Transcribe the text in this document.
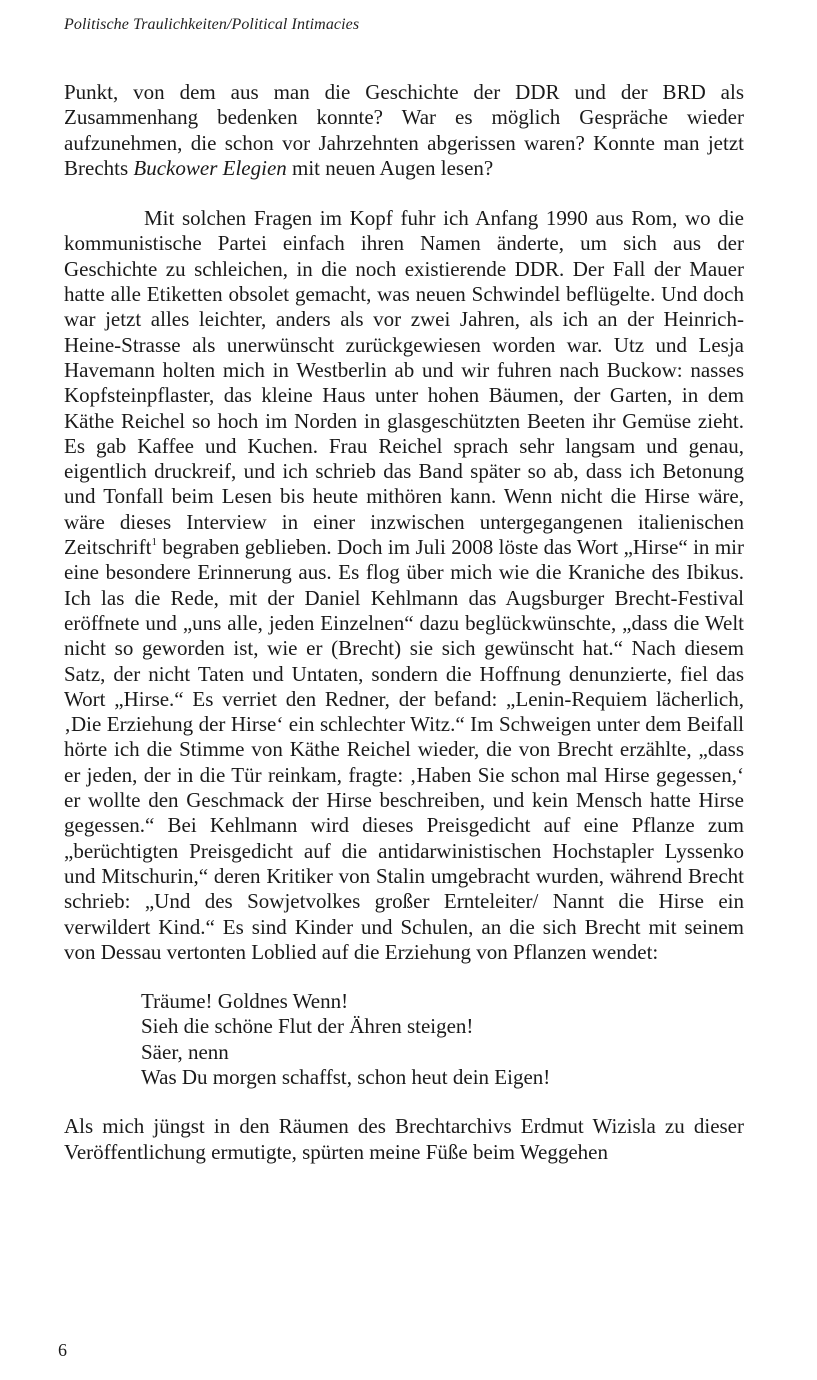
Politische Traulichkeiten/Political Intimacies

Punkt, von dem aus man die Geschichte der DDR und der BRD als Zusammenhang bedenken konnte? War es möglich Gespräche wieder aufzunehmen, die schon vor Jahrzehnten abgerissen waren? Konnte man jetzt Brechts Buckower Elegien mit neuen Augen lesen?

Mit solchen Fragen im Kopf fuhr ich Anfang 1990 aus Rom, wo die kommunistische Partei einfach ihren Namen änderte, um sich aus der Geschichte zu schleichen, in die noch existierende DDR. Der Fall der Mauer hatte alle Etiketten obsolet gemacht, was neuen Schwindel beflügelte. Und doch war jetzt alles leichter, anders als vor zwei Jahren, als ich an der Heinrich-Heine-Strasse als unerwünscht zurückgewiesen worden war. Utz und Lesja Havemann holten mich in Westberlin ab und wir fuhren nach Buckow: nasses Kopfsteinpflaster, das kleine Haus unter hohen Bäumen, der Garten, in dem Käthe Reichel so hoch im Norden in glasgeschützten Beeten ihr Gemüse zieht. Es gab Kaffee und Kuchen. Frau Reichel sprach sehr langsam und genau, eigentlich druckreif, und ich schrieb das Band später so ab, dass ich Betonung und Tonfall beim Lesen bis heute mithören kann. Wenn nicht die Hirse wäre, wäre dieses Interview in einer inzwischen untergegangenen italienischen Zeitschrift$^1$ begraben geblieben. Doch im Juli 2008 löste das Wort „Hirse“ in mir eine besondere Erinnerung aus. Es flog über mich wie die Kraniche des Ibikus. Ich las die Rede, mit der Daniel Kehlmann das Augsburger Brecht-Festival eröffnete und „uns alle, jeden Einzelnen“ dazu beglückwünschte, „dass die Welt nicht so geworden ist, wie er (Brecht) sie sich gewünscht hat.“ Nach diesem Satz, der nicht Taten und Untaten, sondern die Hoffnung denunzierte, fiel das Wort „Hirse.“ Es verriet den Redner, der befand: „Lenin-Requiem lächerlich, ‚Die Erziehung der Hirse‘ ein schlechter Witz.“ Im Schweigen unter dem Beifall hörte ich die Stimme von Käthe Reichel wieder, die von Brecht erzählte, „dass er jeden, der in die Tür reinkam, fragte: ‚Haben Sie schon mal Hirse gegessen,‘ er wollte den Geschmack der Hirse beschreiben, und kein Mensch hatte Hirse gegessen.“ Bei Kehlmann wird dieses Preisgedicht auf eine Pflanze zum „berüchtigten Preisgedicht auf die antidarwinistischen Hochstapler Lyssenko und Mitschurin,“ deren Kritiker von Stalin umgebracht wurden, während Brecht schrieb: „Und des Sowjetvolkes großer Ernteleiter/ Nannt die Hirse ein verwildert Kind.“ Es sind Kinder und Schulen, an die sich Brecht mit seinem von Dessau vertonten Loblied auf die Erziehung von Pflanzen wendet:

Träume! Goldnes Wenn!
Sieh die schöne Flut der Ähren steigen!
Säer, nenn
Was Du morgen schaffst, schon heut dein Eigen!

Als mich jüngst in den Räumen des Brechtarchivs Erdmut Wizisla zu dieser Veröffentlichung ermutigte, spürten meine Füße beim Weggehen

6
